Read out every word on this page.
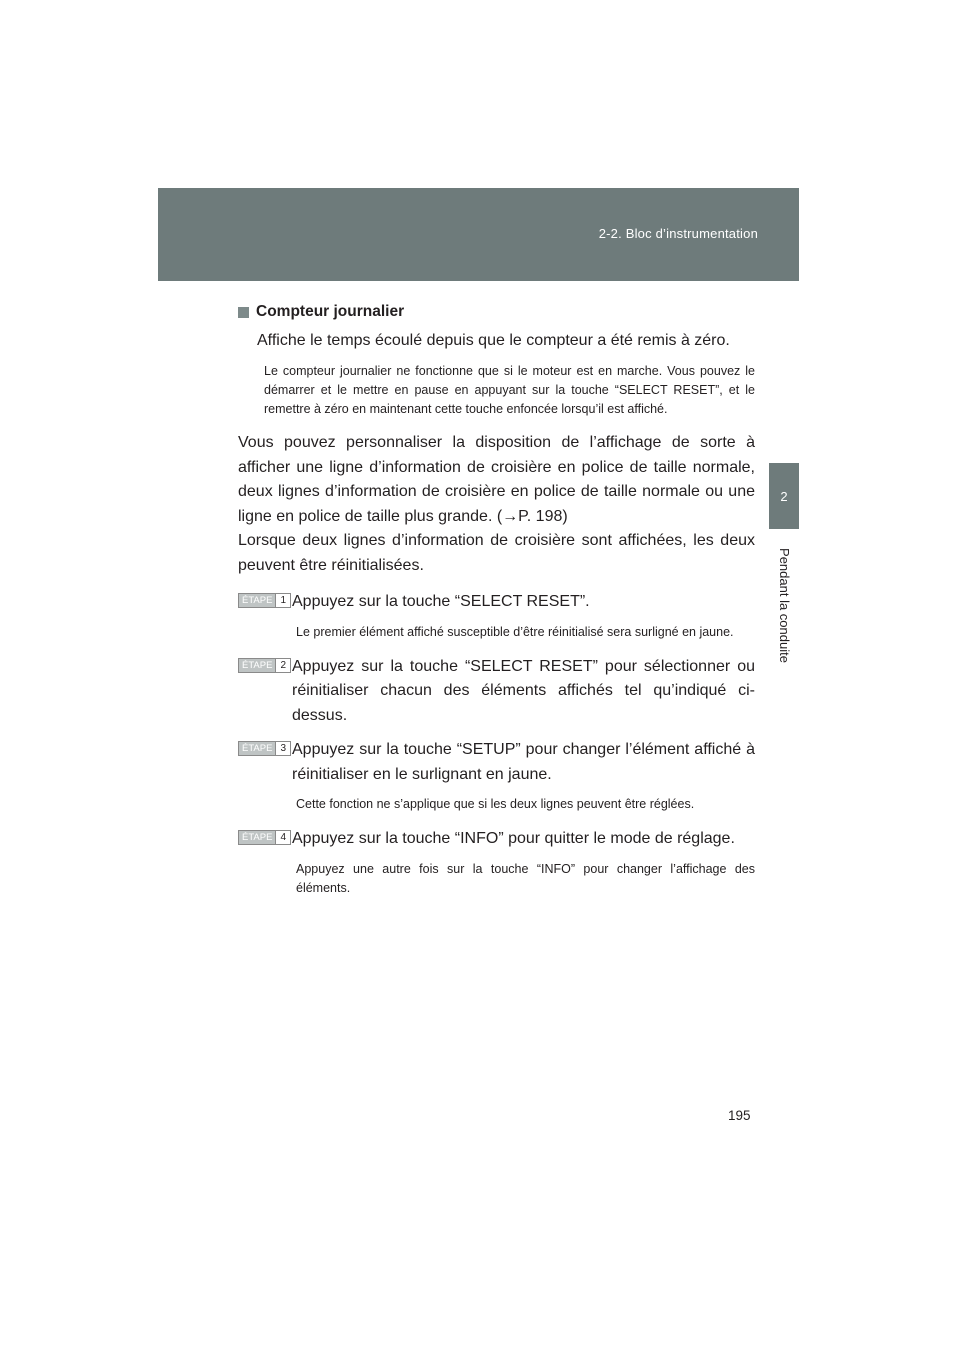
2-2. Bloc d’instrumentation
2
Pendant la conduite
Compteur journalier

Affiche le temps écoulé depuis que le compteur a été remis à zéro.

Le compteur journalier ne fonctionne que si le moteur est en marche. Vous pouvez le démarrer et le mettre en pause en appuyant sur la touche “SELECT RESET”, et le remettre à zéro en maintenant cette touche enfoncée lorsqu’il est affiché.

Vous pouvez personnaliser la disposition de l’affichage de sorte à afficher une ligne d’information de croisière en police de taille normale, deux lignes d’information de croisière en police de taille normale ou une ligne en police de taille plus grande. (→P. 198)

Lorsque deux lignes d’information de croisière sont affichées, les deux peuvent être réinitialisées.

ÉTAPE 1 Appuyez sur la touche “SELECT RESET”.
Le premier élément affiché susceptible d’être réinitialisé sera surligné en jaune.
ÉTAPE 2 Appuyez sur la touche “SELECT RESET” pour sélectionner ou réinitialiser chacun des éléments affichés tel qu’indiqué ci-dessus.
ÉTAPE 3 Appuyez sur la touche “SETUP” pour changer l’élément affiché à réinitialiser en le surlignant en jaune.
Cette fonction ne s’applique que si les deux lignes peuvent être réglées.
ÉTAPE 4 Appuyez sur la touche “INFO” pour quitter le mode de réglage.
Appuyez une autre fois sur la touche “INFO” pour changer l’affichage des éléments.
195
